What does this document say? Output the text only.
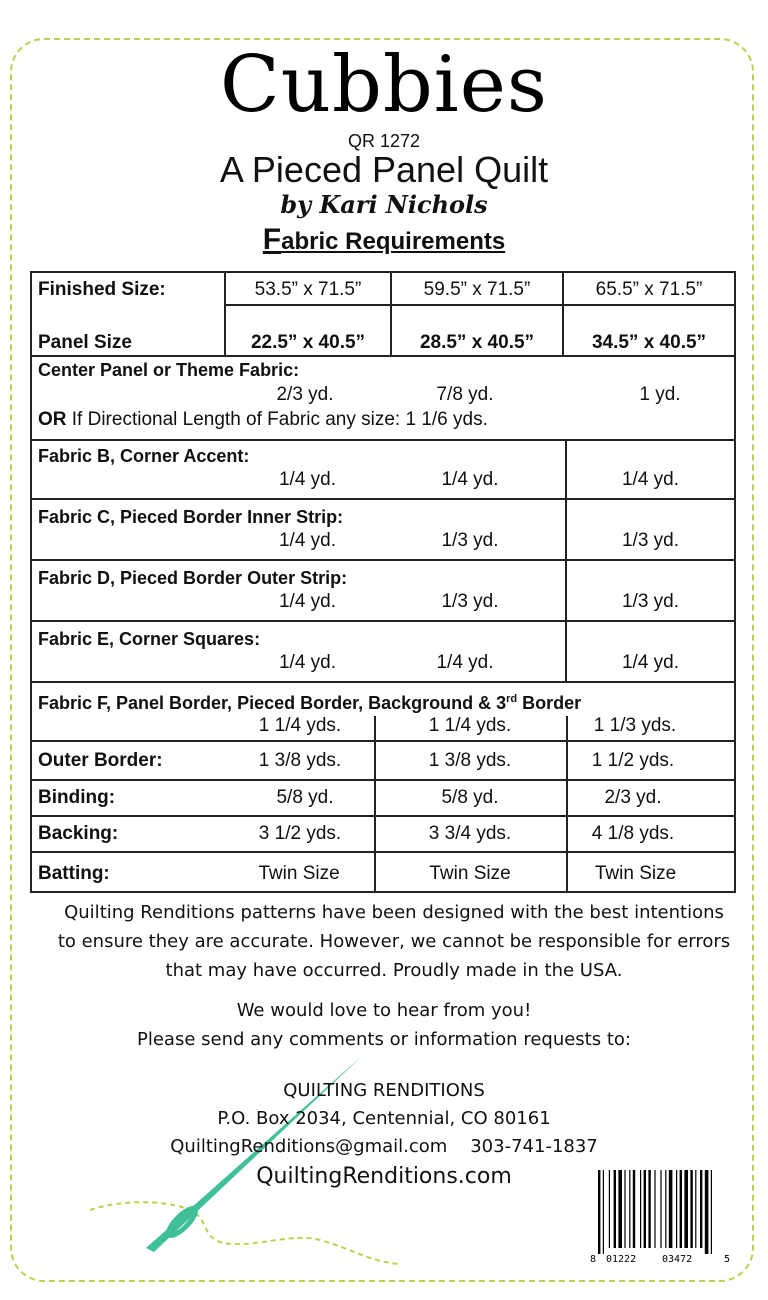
Cubbies
QR 1272
A Pieced Panel Quilt
by Kari Nichols
Fabric Requirements
Finished Size:	53.5” x 71.5”	59.5” x 71.5”	65.5” x 71.5”
Panel Size	22.5” x 40.5”	28.5” x 40.5”	34.5” x 40.5”
Center Panel or Theme Fabric:
2/3 yd.	7/8 yd.	1 yd.
OR If Directional Length of Fabric any size: 1 1/6 yds.
Fabric B, Corner Accent:
1/4 yd.	1/4 yd.	1/4 yd.
Fabric C, Pieced Border Inner Strip:
1/4 yd.	1/3 yd.	1/3 yd.
Fabric D, Pieced Border Outer Strip:
1/4 yd.	1/3 yd.	1/3 yd.
Fabric E, Corner Squares:
1/4 yd.	1/4 yd.	1/4 yd.
Fabric F, Panel Border, Pieced Border, Background & 3rd Border
1 1/4 yds.	1 1/4 yds.	1 1/3 yds.
Outer Border:	1 3/8 yds.	1 3/8 yds.	1 1/2 yds.
Binding:	5/8 yd.	5/8 yd.	2/3 yd.
Backing:	3 1/2 yds.	3 3/4 yds.	4 1/8 yds.
Batting:	Twin Size	Twin Size	Twin Size
Quilting Renditions patterns have been designed with the best intentions
to ensure they are accurate. However, we cannot be responsible for errors
that may have occurred. Proudly made in the USA.
We would love to hear from you!
Please send any comments or information requests to:
QUILTING RENDITIONS
P.O. Box 2034, Centennial, CO 80161
QuiltingRenditions@gmail.com 303-741-1837
QuiltingRenditions.com
8 01222	03472	5
